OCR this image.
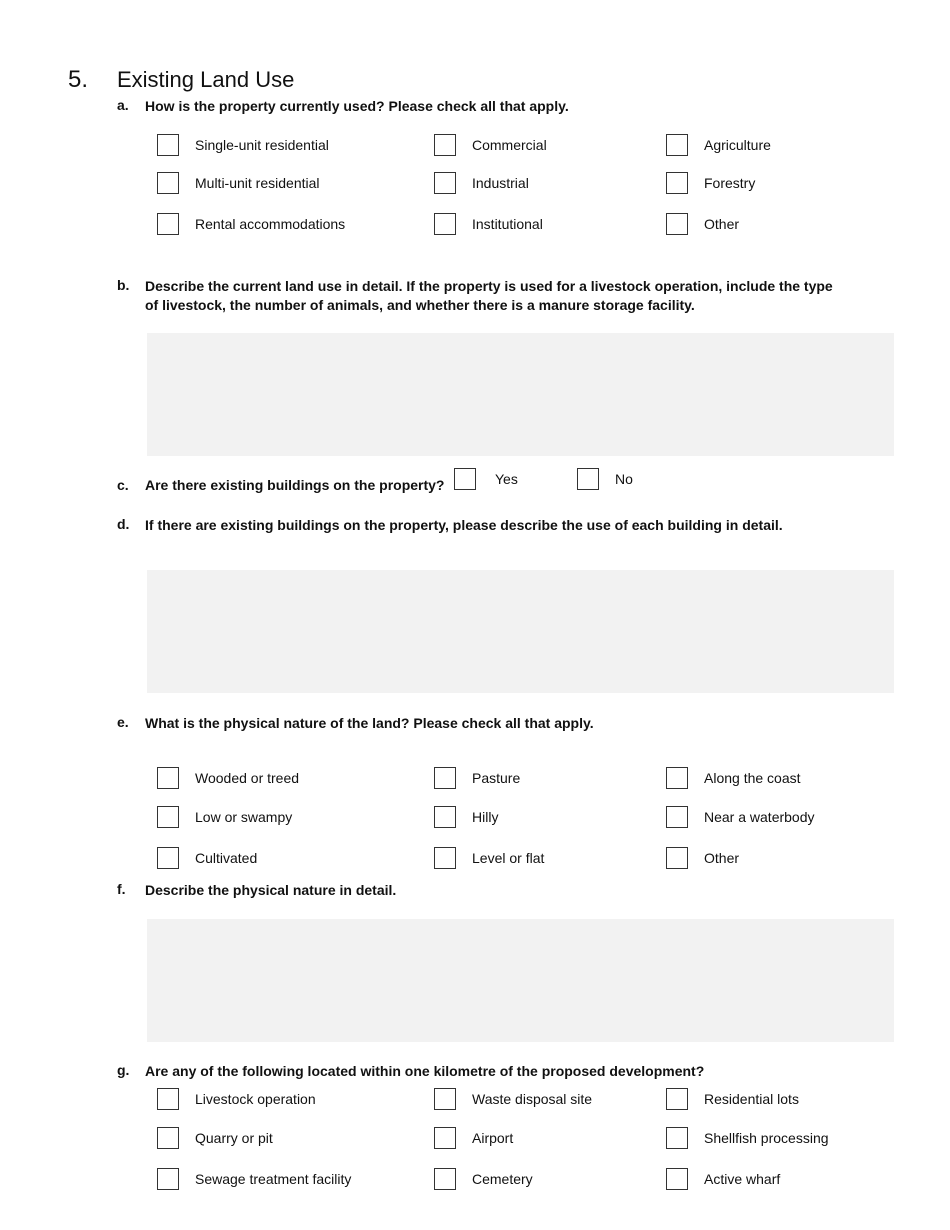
5. Existing Land Use
a. How is the property currently used? Please check all that apply.
Single-unit residential	Commercial	Agriculture
Multi-unit residential	Industrial	Forestry
Rental accommodations	Institutional	Other
b. Describe the current land use in detail. If the property is used for a livestock operation, include the type of livestock, the number of animals, and whether there is a manure storage facility.
c. Are there existing buildings on the property?	Yes	No
d. If there are existing buildings on the property, please describe the use of each building in detail.
e. What is the physical nature of the land? Please check all that apply.
Wooded or treed	Pasture	Along the coast
Low or swampy	Hilly	Near a waterbody
Cultivated	Level or flat	Other
f. Describe the physical nature in detail.
g. Are any of the following located within one kilometre of the proposed development?
Livestock operation	Waste disposal site	Residential lots
Quarry or pit	Airport	Shellfish processing
Sewage treatment facility	Cemetery	Active wharf
